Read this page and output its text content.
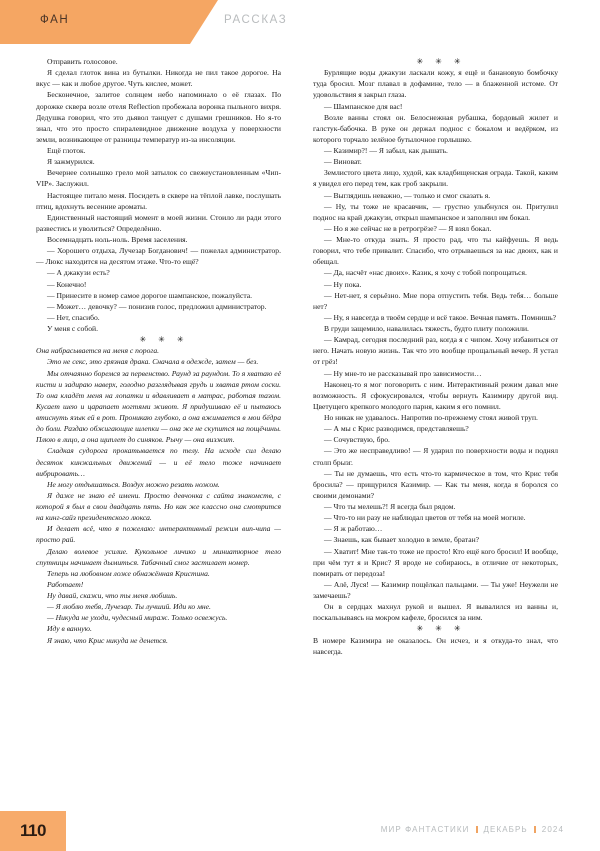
ФАН	РАССКАЗ

Отправить голосовое.

Я сделал глоток вина из бутылки. Никогда не пил такое дорогое. На вкус — как и любое другое. Чуть кислее, может.

Бесконечное, залитое солнцем небо напоминало о её глазах. По дорожке сквера возле отеля Reflection пробежала воронка пыльного вихря. Дедушка говорил, что это дьявол танцует с душами грешников. Но я-то знал, что это просто спиралевидное движение воздуха у поверхности земли, возникающее от разницы температур из-за инсоляции.

Ещё глоток.

Я зажмурился.

Вечернее солнышко грело мой затылок со свежеустановленным «Чип-VIP». Заслужил.

Настоящее питало меня. Посидеть в сквере на тёплой лавке, послушать птиц, вдохнуть весенние ароматы.

Единственный настоящий момент в моей жизни. Стоило ли ради этого развестись и уволиться? Определённо.

Восемнадцать ноль-ноль. Время заселения.

— Хорошего отдыха, Лучезар Богданович! — пожелал администратор. — Люкс находится на десятом этаже. Что-то ещё?

— А джакузи есть?

— Конечно!

— Принесите в номер самое дорогое шампанское, пожалуйста.

— Может… девочку? — понизив голос, предложил администратор.

— Нет, спасибо.

У меня с собой.

✳ ✳ ✳

Она набрасывается на меня с порога.

Это не секс, это грязная драка. Сначала в одежде, затем — без.

Мы отчаянно боремся за первенство. Раунд за раундом. То я хватаю её кисти и задираю наверх, голодно разглядывая грудь и хватая ртом соски. То она кладёт меня на лопатки и вдавливает в матрас, работая тазом. Кусает шею и царапает ногтями живот. Я придушиваю её и пытаюсь втиснуть язык ей в рот. Проникаю глубоко, а она вжимается в мои бёдра до боли. Раздаю обжигающие шлепки — она же не скупится на пощёчины. Плюю в лицо, а она щиплет до синяков. Рычу — она визжит.

Сладкая судорога прокатывается по телу. На исходе сил делаю десяток кинжальных движений — и её тело тоже начинает вибрировать…

Не могу отдышаться. Воздух можно резать ножом.

Я даже не знаю её имени. Просто девчонка с сайта знакомств, с которой я был в свои двадцать пять. Но как же классно она смотрится на кинг-сайз президентского люкса.

И делает всё, что я пожелаю: интерактивный режим вип-чипа — просто рай.

Делаю волевое усилие. Кукольное личико и миниатюрное тело спутницы начинает дымиться. Табачный смог застилает номер.

Теперь на любовном ложе обнажённая Кристина.

Работает!

Ну давай, скажи, что ты меня любишь.

— Я люблю тебя, Лучезар. Ты лучший. Иди ко мне.

— Никуда не уходи, чудесный мираж. Только освежусь.

Иду в ванную.

Я знаю, что Крис никуда не денется.

✳ ✳ ✳

Бурлящие воды джакузи ласкали кожу, я ещё и банановую бомбочку туда бросил. Мозг плавал в дофамине, тело — в блаженной истоме. От удовольствия я закрыл глаза.

— Шампанское для вас!

Возле ванны стоял он. Белоснежная рубашка, бордовый жилет и галстук-бабочка. В руке он держал поднос с бокалом и ведёрком, из которого торчало зелёное бутылочное горлышко.

— Казимир?! — Я забыл, как дышать.

— Виноват.

Землистого цвета лицо, худой, как кладбищенская ограда. Такой, каким я увидел его перед тем, как гроб закрыли.

— Выглядишь неважно, — только и смог сказать я.

— Ну, ты тоже не красавчик, — грустно улыбнулся он. Притулил поднос на край джакузи, открыл шампанское и заполнил им бокал.

— Но я же сейчас не в ретрогрёзе? — Я взял бокал.

— Мне-то откуда знать. Я просто рад, что ты кайфуешь. Я ведь говорил, что тебе привалит. Спасибо, что отрываешься за нас двоих, как и обещал.

— Да, насчёт «нас двоих». Казик, я хочу с тобой попрощаться.

— Ну пока.

— Нет-нет, я серьёзно. Мне пора отпустить тебя. Ведь тебя… больше нет?

— Ну, я навсегда в твоём сердце и всё такое. Вечная память. Помнишь?

В груди защемило, навалилась тяжесть, будто плиту положили.

— Камрад, сегодня последний раз, когда я с чипом. Хочу избавиться от него. Начать новую жизнь. Так что это вообще прощальный вечер. Я устал от грёз!

— Ну мне-то не рассказывай про зависимости…

Наконец-то я мог поговорить с ним. Интерактивный режим давал мне возможность. Я сфокусировался, чтобы вернуть Казимиру другой вид. Цветущего крепкого молодого парня, каким я его помнил.

Но никак не удавалось. Напротив по-прежнему стоял живой труп.

— А мы с Крис разводимся, представляешь?

— Сочувствую, бро.

— Это же несправедливо! — Я ударил по поверхности воды и поднял столп брызг.

— Ты не думаешь, что есть что-то кармическое в том, что Крис тебя бросила? — прищурился Казимир. — Как ты меня, когда я боролся со своими демонами?

— Что ты мелешь?! Я всегда был рядом.

— Что-то ни разу не наблюдал цветов от тебя на моей могиле.

— Я ж работаю…

— Знаешь, как бывает холодно в земле, братан?

— Хватит! Мне так-то тоже не просто! Кто ещё кого бросил! И вообще, при чём тут я и Крис? Я вроде не собираюсь, в отличие от некоторых, помирать от передоза!

— Алё, Луся! — Казимир пощёлкал пальцами. — Ты уже! Неужели не замечаешь?

Он в сердцах махнул рукой и вышел. Я вывалился из ванны и, поскальзываясь на мокром кафеле, бросился за ним.

✳ ✳ ✳

В номере Казимира не оказалось. Он исчез, и я откуда-то знал, что навсегда.

110	МИР ФАНТАСТИКИ ДЕКАБРЬ 2024
